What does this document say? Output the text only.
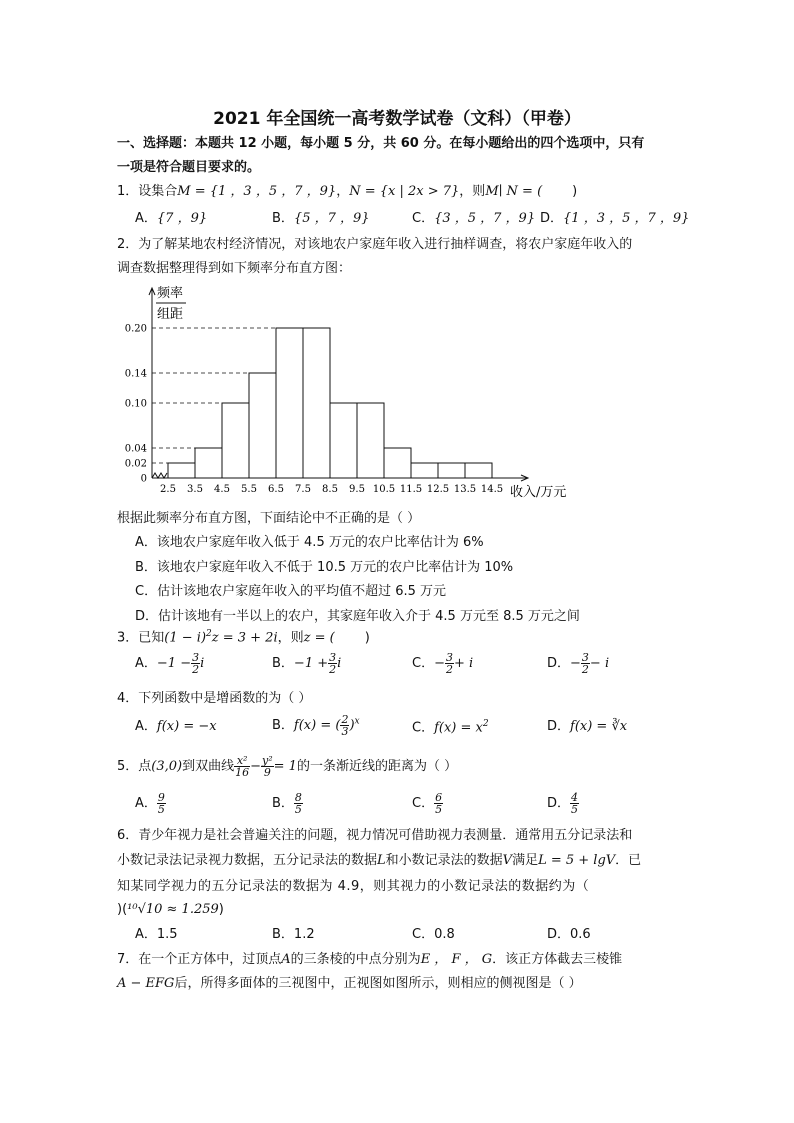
2021 年全国统一高考数学试卷（文科）（甲卷）
一、选择题：本题共 12 小题，每小题 5 分，共 60 分。在每小题给出的四个选项中，只有
一项是符合题目要求的。
1．设集合M = {1 ，3 ，5 ，7 ，9}，N = {x | 2x > 7}，则M∣ N = ( )
A．{7 ，9}	B．{5 ，7 ，9}	C．{3 ，5 ，7 ，9} D．{1 ，3 ，5 ，7 ，9}
2．为了解某地农村经济情况，对该地农户家庭年收入进行抽样调查，将农户家庭年收入的
调查数据整理得到如下频率分布直方图：
0
0.02
0.04
0.10
0.14
0.20
2.5 3.5 4.5 5.5 6.5 7.5 8.5 9.5 10.5 11.5 12.5 13.5 14.5
频率
组距
收入/万元
根据此频率分布直方图，下面结论中不正确的是（ ）
A．该地农户家庭年收入低于 4.5 万元的农户比率估计为 6%
B．该地农户家庭年收入不低于 10.5 万元的农户比率估计为 10%
C．估计该地农户家庭年收入的平均值不超过 6.5 万元
D．估计该地有一半以上的农户，其家庭年收入介于 4.5 万元至 8.5 万元之间
3．已知$(1 - i)^2z = 3 + 2i$，则z = ( )
A．$-1 - \frac{3}{2}$ i	B．$-1 + \frac{3}{2}$ i	C．− $\frac{3}{2} + i$	D．− $\frac{3}{2} - i$
4．下列函数中是增函数的为（ ）
A．f(x) = −x	B．f(x) = ( $\frac{2}{3} )^x$	C．$f(x) = x^2$	D．f(x) = ∛x
5．点(3,0)到双曲线 $\frac{\text{x²}}{16} - \frac{\text{y²}}{9} = 1$的一条渐近线的距离为（ ）
A． $\frac{9}{5}$	B． $\frac{8}{5}$	C． $\frac{6}{5}$	D． $\frac{4}{5}$
6．青少年视力是社会普遍关注的问题，视力情况可借助视力表测量．通常用五分记录法和
小数记录法记录视力数据，五分记录法的数据L和小数记录法的数据V满足L = 5 + lgV．已
知某同学视力的五分记录法的数据为 4.9，则其视力的小数记录法的数据约为（
)(¹⁰√10 ≈ 1.259)
A．1.5	B．1.2	C．0.8	D．0.6
7．在一个正方体中，过顶点A的三条棱的中点分别为E ， F ， G．该正方体截去三棱锥
A − EFG后，所得多面体的三视图中，正视图如图所示，则相应的侧视图是（ ）
